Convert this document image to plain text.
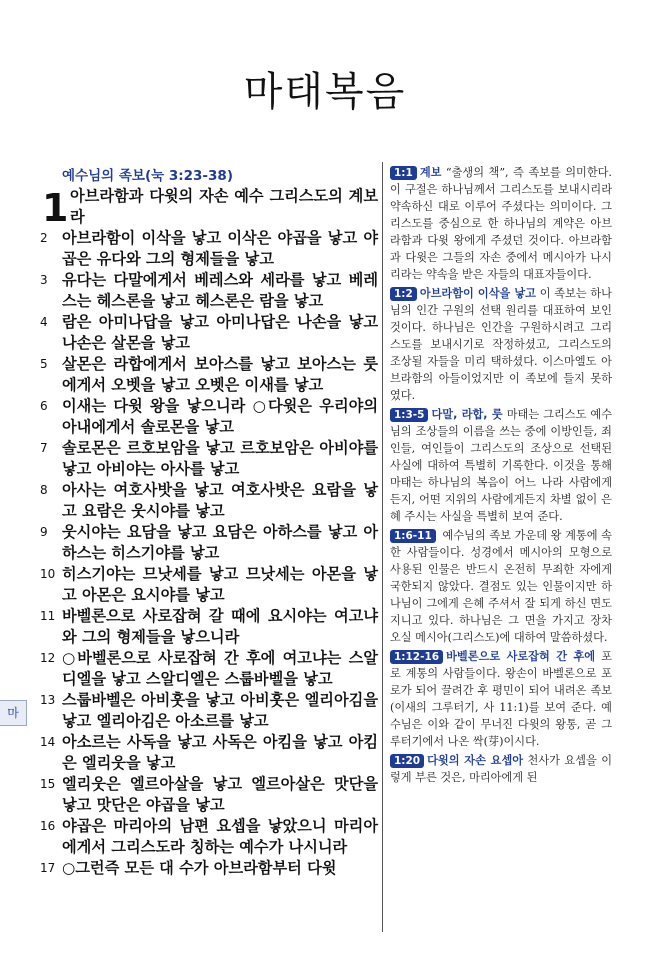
마태복음
마
예수님의 족보(눅 3:23-38)
1 아브라함과 다윗의 자손 예수 그리스도의 계보라
2 아브라함이 이삭을 낳고 이삭은 야곱을 낳고 야곱은 유다와 그의 형제들을 낳고
3 유다는 다말에게서 베레스와 세라를 낳고 베레스는 헤스론을 낳고 헤스론은 람을 낳고
4 람은 아미나답을 낳고 아미나답은 나손을 낳고 나손은 살몬을 낳고
5 살몬은 라합에게서 보아스를 낳고 보아스는 룻에게서 오벳을 낳고 오벳은 이새를 낳고
6 이새는 다윗 왕을 낳으니라 ○다윗은 우리야의 아내에게서 솔로몬을 낳고
7 솔로몬은 르호보암을 낳고 르호보암은 아비야를 낳고 아비야는 아사를 낳고
8 아사는 여호사밧을 낳고 여호사밧은 요람을 낳고 요람은 웃시야를 낳고
9 웃시야는 요담을 낳고 요담은 아하스를 낳고 아하스는 히스기야를 낳고
10 히스기야는 므낫세를 낳고 므낫세는 아몬을 낳고 아몬은 요시야를 낳고
11 바벨론으로 사로잡혀 갈 때에 요시야는 여고냐와 그의 형제들을 낳으니라
12 ○바벨론으로 사로잡혀 간 후에 여고냐는 스알디엘을 낳고 스알디엘은 스룹바벨을 낳고
13 스룹바벨은 아비훗을 낳고 아비훗은 엘리아김을 낳고 엘리아김은 아소르를 낳고
14 아소르는 사독을 낳고 사독은 아킴을 낳고 아킴은 엘리웃을 낳고
15 엘리웃은 엘르아살을 낳고 엘르아살은 맛단을 낳고 맛단은 야곱을 낳고
16 야곱은 마리아의 남편 요셉을 낳았으니 마리아에게서 그리스도라 칭하는 예수가 나시니라
17 ○그런즉 모든 대 수가 아브라함부터 다윗
1:1 계보 “출생의 책”, 즉 족보를 의미한다. 이 구절은 하나님께서 그리스도를 보내시리라 약속하신 대로 이루어 주셨다는 의미이다. 그리스도를 중심으로 한 하나님의 계약은 아브라함과 다윗 왕에게 주셨던 것이다. 아브라함과 다윗은 그들의 자손 중에서 메시아가 나시리라는 약속을 받은 자들의 대표자들이다.
1:2 아브라함이 이삭을 낳고 이 족보는 하나님의 인간 구원의 선택 원리를 대표하여 보인 것이다. 하나님은 인간을 구원하시려고 그리스도를 보내시기로 작정하셨고, 그리스도의 조상될 자들을 미리 택하셨다. 이스마엘도 아브라함의 아들이었지만 이 족보에 들지 못하였다.
1:3-5 다말, 라합, 룻 마태는 그리스도 예수님의 조상들의 이름을 쓰는 중에 이방인들, 죄인들, 여인들이 그리스도의 조상으로 선택된 사실에 대하여 특별히 기록한다. 이것을 통해 마태는 하나님의 복음이 어느 나라 사람에게든지, 어떤 지위의 사람에게든지 차별 없이 은혜 주시는 사실을 특별히 보여 준다.
1:6-11 예수님의 족보 가운데 왕 계통에 속한 사람들이다. 성경에서 메시아의 모형으로 사용된 인물은 반드시 온전히 무죄한 자에게 국한되지 않았다. 결점도 있는 인물이지만 하나님이 그에게 은혜 주셔서 잘 되게 하신 면도 지니고 있다. 하나님은 그 면을 가지고 장차 오실 메시아(그리스도)에 대하여 말씀하셨다.
1:12-16 바벨론으로 사로잡혀 간 후에 포로 계통의 사람들이다. 왕손이 바벨론으로 포로가 되어 끌려간 후 평민이 되어 내려온 족보(이새의 그루터기, 사 11:1)를 보여 준다. 예수님은 이와 같이 무너진 다윗의 왕통, 곧 그루터기에서 나온 싹(芽)이시다.
1:20 다윗의 자손 요셉아 천사가 요셉을 이렇게 부른 것은, 마리아에게 된
